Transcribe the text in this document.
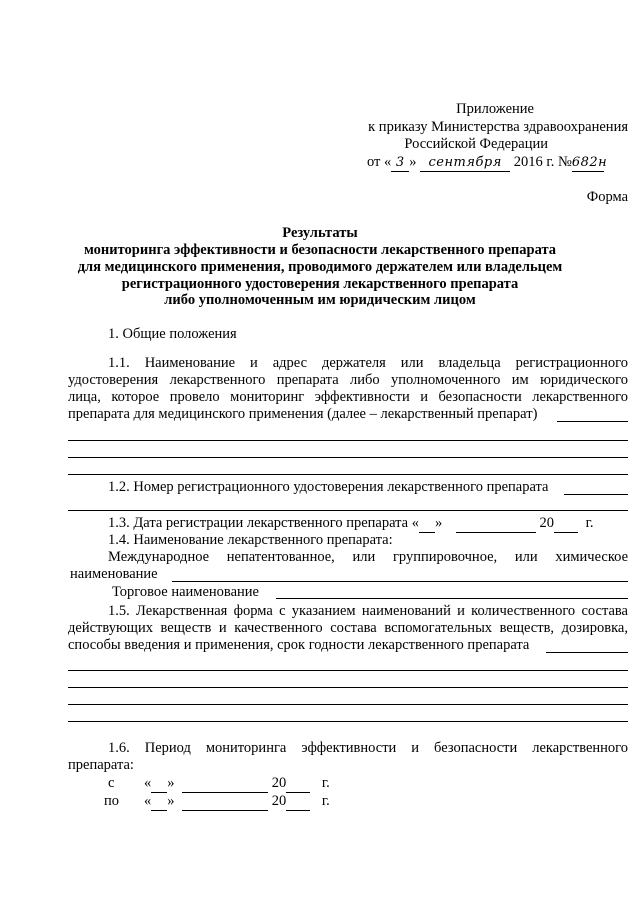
Приложение
к приказу Министерства здравоохранения
Российской Федерации
от « 3 » сентября 2016 г. №682н
Форма
Результаты
мониторинга эффективности и безопасности лекарственного препарата
для медицинского применения, проводимого держателем или владельцем
регистрационного удостоверения лекарственного препарата
либо уполномоченным им юридическим лицом
1. Общие положения
1.1. Наименование и адрес держателя или владельца регистрационного
удостоверения лекарственного препарата либо уполномоченного им юридического
лица, которое провело мониторинг эффективности и безопасности лекарственного
препарата для медицинского применения (далее – лекарственный препарат)
1.2. Номер регистрационного удостоверения лекарственного препарата
1.3. Дата регистрации лекарственного препарата « »	20 г.
1.4. Наименование лекарственного препарата:
Международное непатентованное, или группировочное, или химическое
наименование
Торговое наименование
1.5. Лекарственная форма с указанием наименований и количественного состава
действующих веществ и качественного состава вспомогательных веществ, дозировка,
способы введения и применения, срок годности лекарственного препарата
1.6. Период мониторинга эффективности и безопасности лекарственного
препарата:
с « »	20 г.
по « »	20 г.
